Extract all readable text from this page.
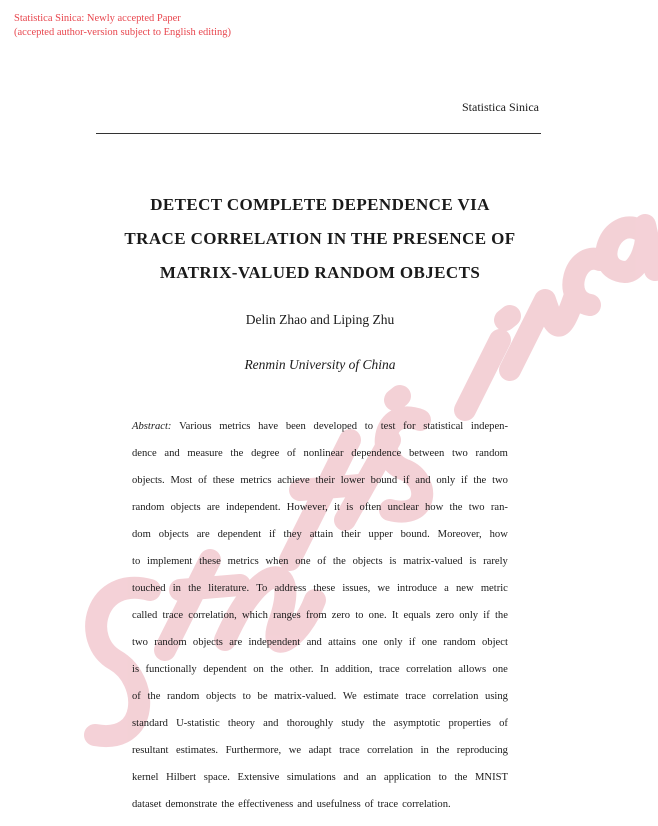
Statistica Sinica: Newly accepted Paper
(accepted author-version subject to English editing)
Statistica Sinica
DETECT COMPLETE DEPENDENCE VIA
TRACE CORRELATION IN THE PRESENCE OF
MATRIX-VALUED RANDOM OBJECTS
Delin Zhao and Liping Zhu
Renmin University of China
Abstract: Various metrics have been developed to test for statistical indepen-
dence and measure the degree of nonlinear dependence between two random
objects. Most of these metrics achieve their lower bound if and only if the two
random objects are independent. However, it is often unclear how the two ran-
dom objects are dependent if they attain their upper bound. Moreover, how
to implement these metrics when one of the objects is matrix-valued is rarely
touched in the literature. To address these issues, we introduce a new metric
called trace correlation, which ranges from zero to one. It equals zero only if the
two random objects are independent and attains one only if one random object
is functionally dependent on the other. In addition, trace correlation allows one
of the random objects to be matrix-valued. We estimate trace correlation using
standard U-statistic theory and thoroughly study the asymptotic properties of
resultant estimates. Furthermore, we adapt trace correlation in the reproducing
kernel Hilbert space. Extensive simulations and an application to the MNIST
dataset demonstrate the effectiveness and usefulness of trace correlation.
